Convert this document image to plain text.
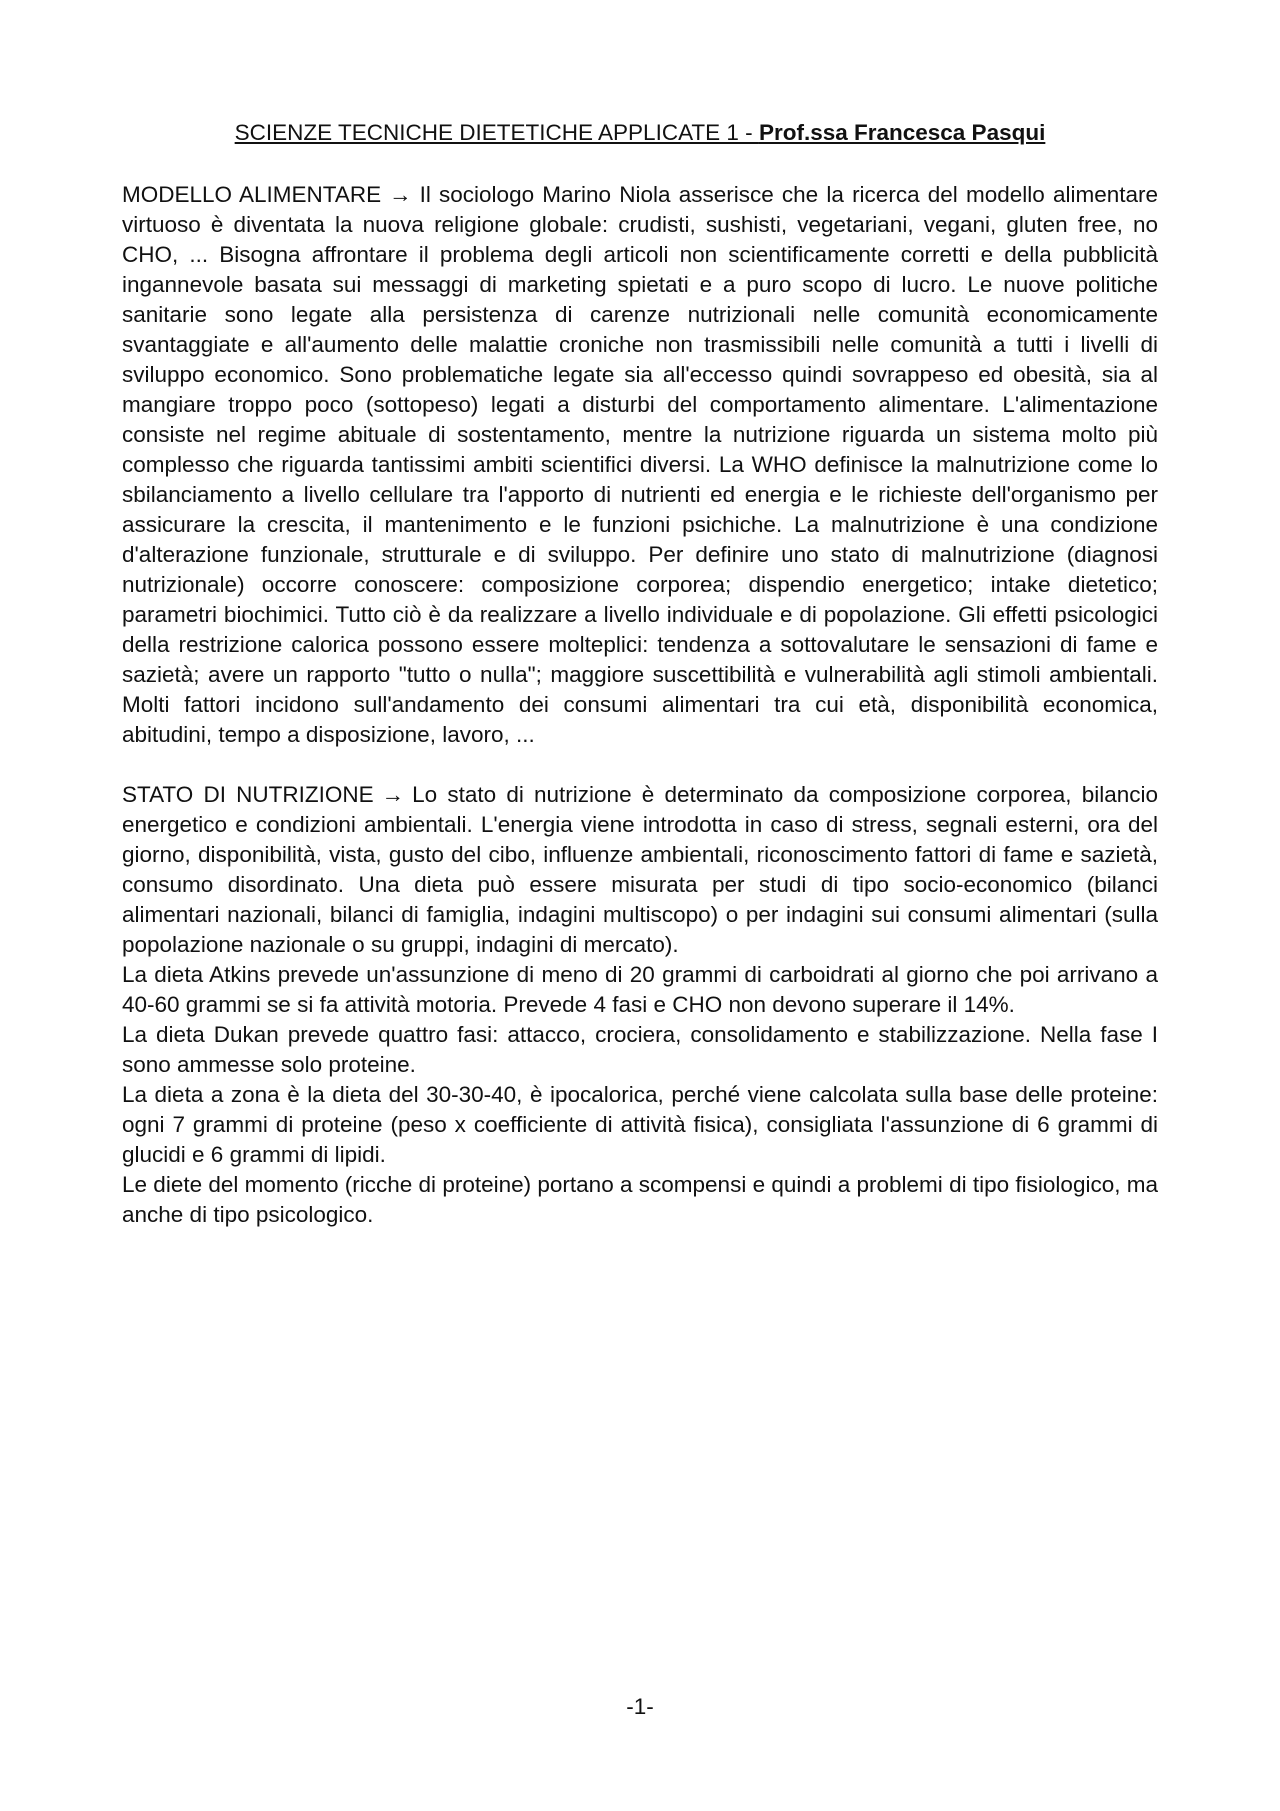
SCIENZE TECNICHE DIETETICHE APPLICATE 1 - Prof.ssa Francesca Pasqui

MODELLO ALIMENTARE → Il sociologo Marino Niola asserisce che la ricerca del modello alimentare virtuoso è diventata la nuova religione globale: crudisti, sushisti, vegetariani, vegani, gluten free, no CHO, ... Bisogna affrontare il problema degli articoli non scientificamente corretti e della pubblicità ingannevole basata sui messaggi di marketing spietati e a puro scopo di lucro. Le nuove politiche sanitarie sono legate alla persistenza di carenze nutrizionali nelle comunità economicamente svantaggiate e all'aumento delle malattie croniche non trasmissibili nelle comunità a tutti i livelli di sviluppo economico. Sono problematiche legate sia all'eccesso quindi sovrappeso ed obesità, sia al mangiare troppo poco (sottopeso) legati a disturbi del comportamento alimentare. L'alimentazione consiste nel regime abituale di sostentamento, mentre la nutrizione riguarda un sistema molto più complesso che riguarda tantissimi ambiti scientifici diversi. La WHO definisce la malnutrizione come lo sbilanciamento a livello cellulare tra l'apporto di nutrienti ed energia e le richieste dell'organismo per assicurare la crescita, il mantenimento e le funzioni psichiche. La malnutrizione è una condizione d'alterazione funzionale, strutturale e di sviluppo. Per definire uno stato di malnutrizione (diagnosi nutrizionale) occorre conoscere: composizione corporea; dispendio energetico; intake dietetico; parametri biochimici. Tutto ciò è da realizzare a livello individuale e di popolazione. Gli effetti psicologici della restrizione calorica possono essere molteplici: tendenza a sottovalutare le sensazioni di fame e sazietà; avere un rapporto "tutto o nulla"; maggiore suscettibilità e vulnerabilità agli stimoli ambientali. Molti fattori incidono sull'andamento dei consumi alimentari tra cui età, disponibilità economica, abitudini, tempo a disposizione, lavoro, ...

STATO DI NUTRIZIONE → Lo stato di nutrizione è determinato da composizione corporea, bilancio energetico e condizioni ambientali. L'energia viene introdotta in caso di stress, segnali esterni, ora del giorno, disponibilità, vista, gusto del cibo, influenze ambientali, riconoscimento fattori di fame e sazietà, consumo disordinato. Una dieta può essere misurata per studi di tipo socio-economico (bilanci alimentari nazionali, bilanci di famiglia, indagini multiscopo) o per indagini sui consumi alimentari (sulla popolazione nazionale o su gruppi, indagini di mercato).

La dieta Atkins prevede un'assunzione di meno di 20 grammi di carboidrati al giorno che poi arrivano a 40-60 grammi se si fa attività motoria. Prevede 4 fasi e CHO non devono superare il 14%.

La dieta Dukan prevede quattro fasi: attacco, crociera, consolidamento e stabilizzazione. Nella fase I sono ammesse solo proteine.

La dieta a zona è la dieta del 30-30-40, è ipocalorica, perché viene calcolata sulla base delle proteine: ogni 7 grammi di proteine (peso x coefficiente di attività fisica), consigliata l'assunzione di 6 grammi di glucidi e 6 grammi di lipidi.

Le diete del momento (ricche di proteine) portano a scompensi e quindi a problemi di tipo fisiologico, ma anche di tipo psicologico.

-1-
